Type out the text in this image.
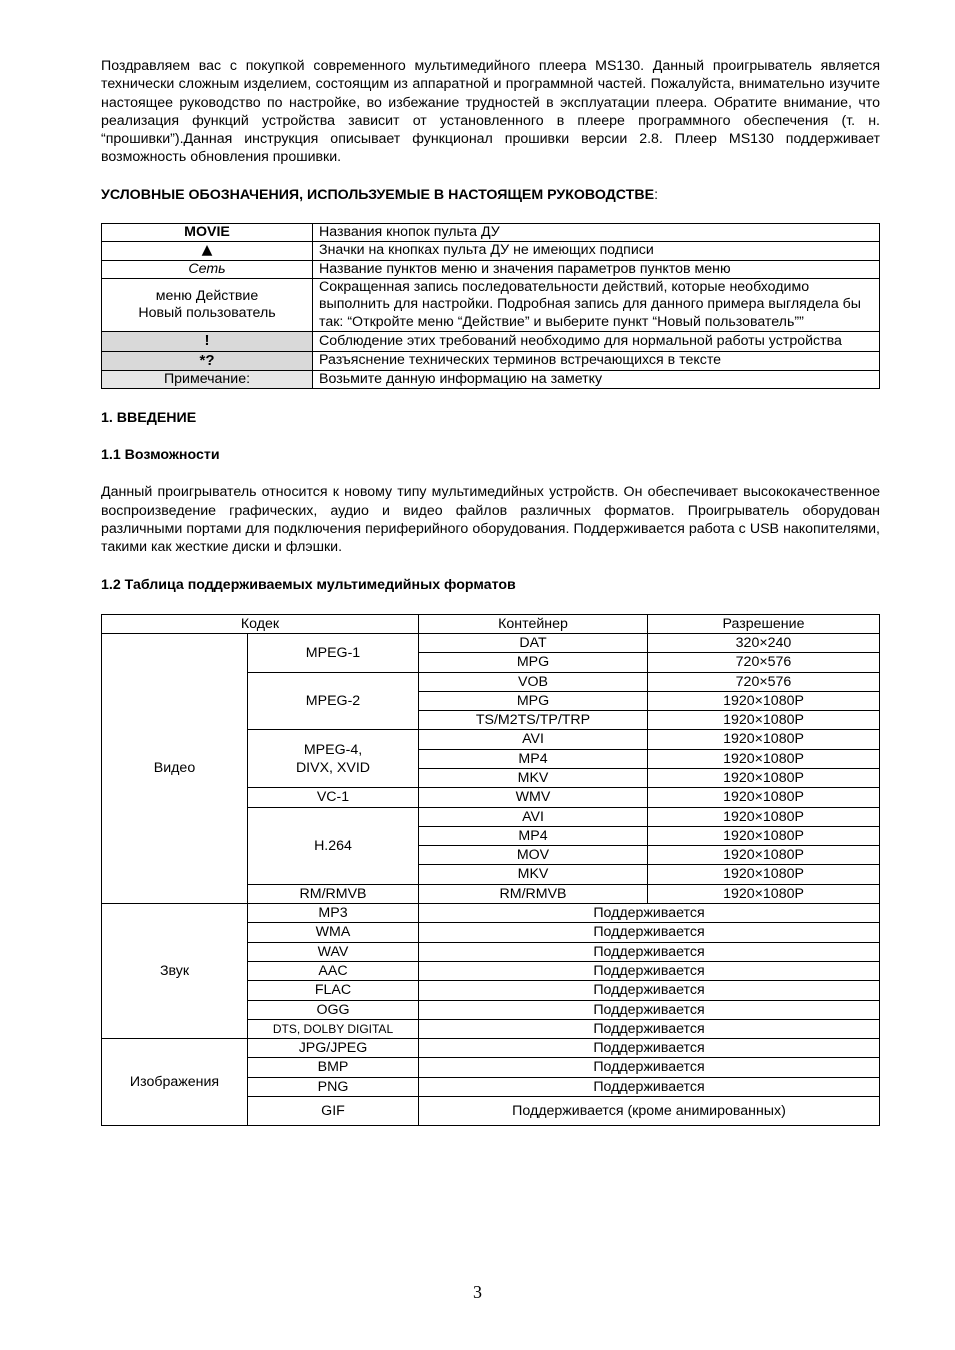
Поздравляем вас с покупкой современного мультимедийного плеера MS130. Данный проигрыватель является технически сложным изделием, состоящим из аппаратной и программной частей. Пожалуйста, внимательно изучите настоящее руководство по настройке, во избежание трудностей в эксплуатации плеера. Обратите внимание, что реализация функций устройства зависит от установленного в плеере программного обеспечения (т. н. “прошивки”).Данная инструкция описывает функционал прошивки версии 2.8. Плеер MS130 поддерживает возможность обновления прошивки.

УСЛОВНЫЕ ОБОЗНАЧЕНИЯ, ИСПОЛЬЗУЕМЫЕ В НАСТОЯЩЕМ РУКОВОДСТВЕ:

MOVIE	Названия кнопок пульта ДУ
▲	Значки на кнопках пульта ДУ не имеющих подписи
Сеть	Название пунктов меню и значения параметров пунктов меню

меню Действие
Новый пользователь	Сокращенная запись последовательности действий, которые необходимо выполнить для настройки. Подробная запись для данного примера выглядела бы так: “Откройте меню “Действие” и выберите пункт “Новый пользователь””
!	Соблюдение этих требований необходимо для нормальной работы устройства
*?	Разъяснение технических терминов встречающихся в тексте
Примечание:	Возьмите данную информацию на заметку

1. ВВЕДЕНИЕ

1.1 Возможности

Данный проигрыватель относится к новому типу мультимедийных устройств. Он обеспечивает высококачественное воспроизведение графических, аудио и видео файлов различных форматов. Проигрыватель оборудован различными портами для подключения периферийного оборудования. Поддерживается работа с USB накопителями, такими как жесткие диски и флэшки.

1.2 Таблица поддерживаемых мультимедийных форматов

Кодек		Контейнер	Разрешение
Видео	MPEG-1	DAT	320×240
		MPG	720×576
	MPEG-2	VOB	720×576
		MPG	1920×1080P
		TS/M2TS/TP/TRP	1920×1080P

	MPEG-4,
DIVX, XVID	AVI	1920×1080P
		MP4	1920×1080P
		MKV	1920×1080P
	VC-1	WMV	1920×1080P
	H.264	AVI	1920×1080P
		MP4	1920×1080P
		MOV	1920×1080P
		MKV	1920×1080P
	RM/RMVB	RM/RMVB	1920×1080P
Звук	MP3	Поддерживается	
	WMA	Поддерживается	
	WAV	Поддерживается	
	AAC	Поддерживается	
	FLAC	Поддерживается	
	OGG	Поддерживается	
	DTS, DOLBY DIGITAL	Поддерживается	
Изображения	JPG/JPEG	Поддерживается	
	BMP	Поддерживается	
	PNG	Поддерживается	
	GIF	Поддерживается (кроме анимированных)	
3
